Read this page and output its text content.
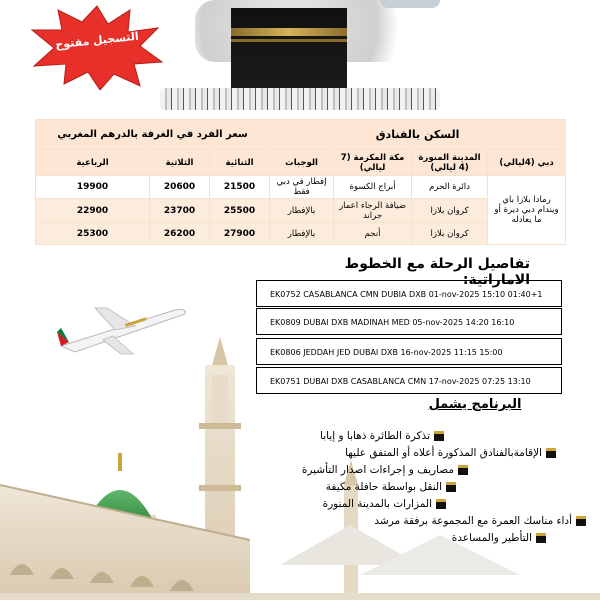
التسجيل مفتوح
السكن بالفنادق				سعر الفرد في الغرفة بالدرهم المغربي		
دبي (4ليالي)	المدينة المنورة (4 ليالي)	مكة المكرمة (7 ليالي)	الوجبات	الثنائية	الثلاثية	الرباعية
رمادا بلازا باي ويندام دبي ديرة أو ما يعادله	دائرة الحرم	أبراج الكسوة	إفطار في دبي فقط	21500	20600	19900
	كروان بلازا	ضيافة الرجاء اعمار جراند	بالإفطار	25500	23700	22900
	كروان بلازا	أنجم	بالإفطار	27900	26200	25300
تفاصيل الرحلة مع الخطوط الاماراتية:
EK0752 CASABLANCA CMN DUBIA DXB 01-nov-2025 15:10 01:40+1
EK0809 DUBAI DXB MADINAH MED 05-nov-2025 14:20 16:10
EK0806 JEDDAH JED DUBAI DXB 16-nov-2025 11:15 15:00
EK0751 DUBAI DXB CASABLANCA CMN 17-nov-2025 07:25 13:10
البرنامج يشمل
تذكرة الطائرة ذهابا و إيابا
الإقامةبالفنادق المذكورة أعلاه أو المتفق عليها
مصاريف و إجراءات اصدار التأشيرة
النقل بواسطة حافلة مكيفة
المزارات بالمدينة المنورة
أداء مناسك العمرة مع المجموعة برفقة مرشد
التأطير والمساعدة
